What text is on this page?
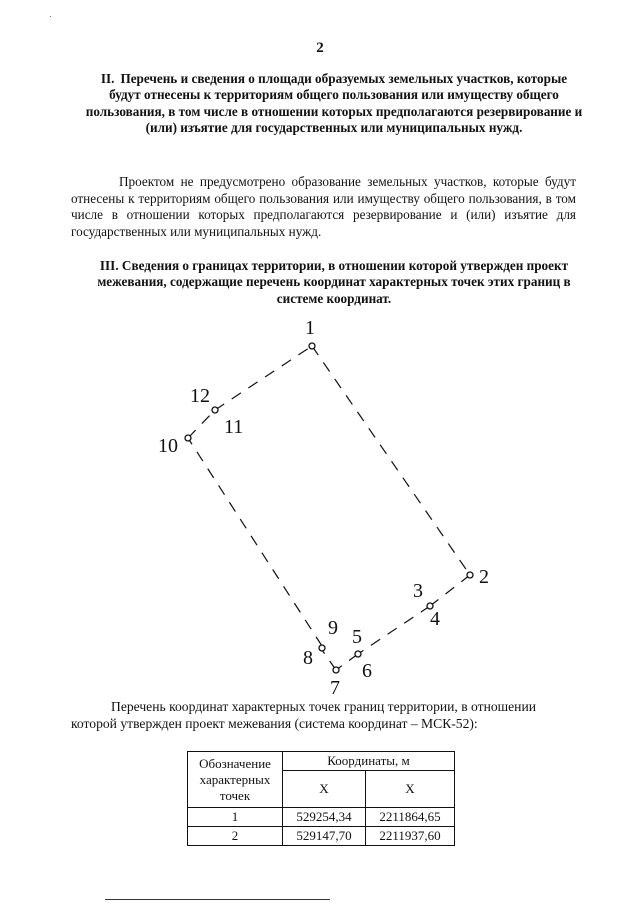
2
II. Перечень и сведения о площади образуемых земельных участков, которые будут отнесены к территориям общего пользования или имуществу общего пользования, в том числе в отношении которых предполагаются резервирование и (или) изъятие для государственных или муниципальных нужд.
Проектом не предусмотрено образование земельных участков, которые будут отнесены к территориям общего пользования или имуществу общего пользования, в том числе в отношении которых предполагаются резервирование и (или) изъятие для государственных или муниципальных нужд.
III. Сведения о границах территории, в отношении которой утвержден проект межевания, содержащие перечень координат характерных точек этих границ в системе координат.
1
2
3
4
5
6
7
8
9
10
11
12
Перечень координат характерных точек границ территории, в отношении которой утвержден проект межевания (система координат – МСК-52):
Обозначение характерных точек	Координаты, м	
	X	X
1	529254,34	2211864,65
2	529147,70	2211937,60
